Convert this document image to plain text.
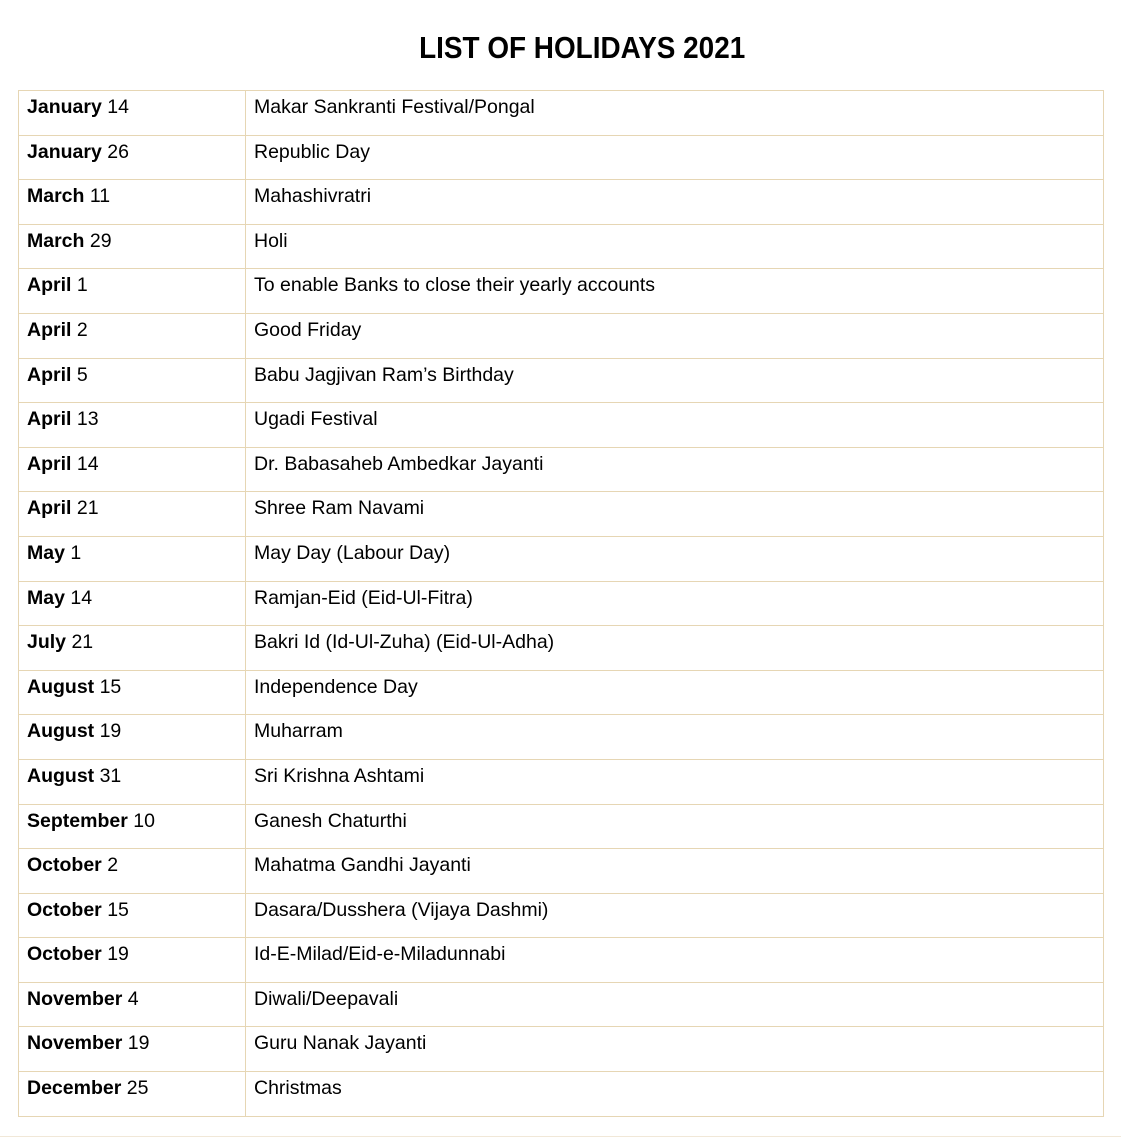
LIST OF HOLIDAYS 2021
January 14	Makar Sankranti Festival/Pongal
January 26	Republic Day
March 11	Mahashivratri
March 29	Holi
April 1	To enable Banks to close their yearly accounts
April 2	Good Friday
April 5	Babu Jagjivan Ram’s Birthday
April 13	Ugadi Festival
April 14	Dr. Babasaheb Ambedkar Jayanti
April 21	Shree Ram Navami
May 1	May Day (Labour Day)
May 14	Ramjan-Eid (Eid-Ul-Fitra)
July 21	Bakri Id (Id-Ul-Zuha) (Eid-Ul-Adha)
August 15	Independence Day
August 19	Muharram
August 31	Sri Krishna Ashtami
September 10	Ganesh Chaturthi
October 2	Mahatma Gandhi Jayanti
October 15	Dasara/Dusshera (Vijaya Dashmi)
October 19	Id-E-Milad/Eid-e-Miladunnabi
November 4	Diwali/Deepavali
November 19	Guru Nanak Jayanti
December 25	Christmas
